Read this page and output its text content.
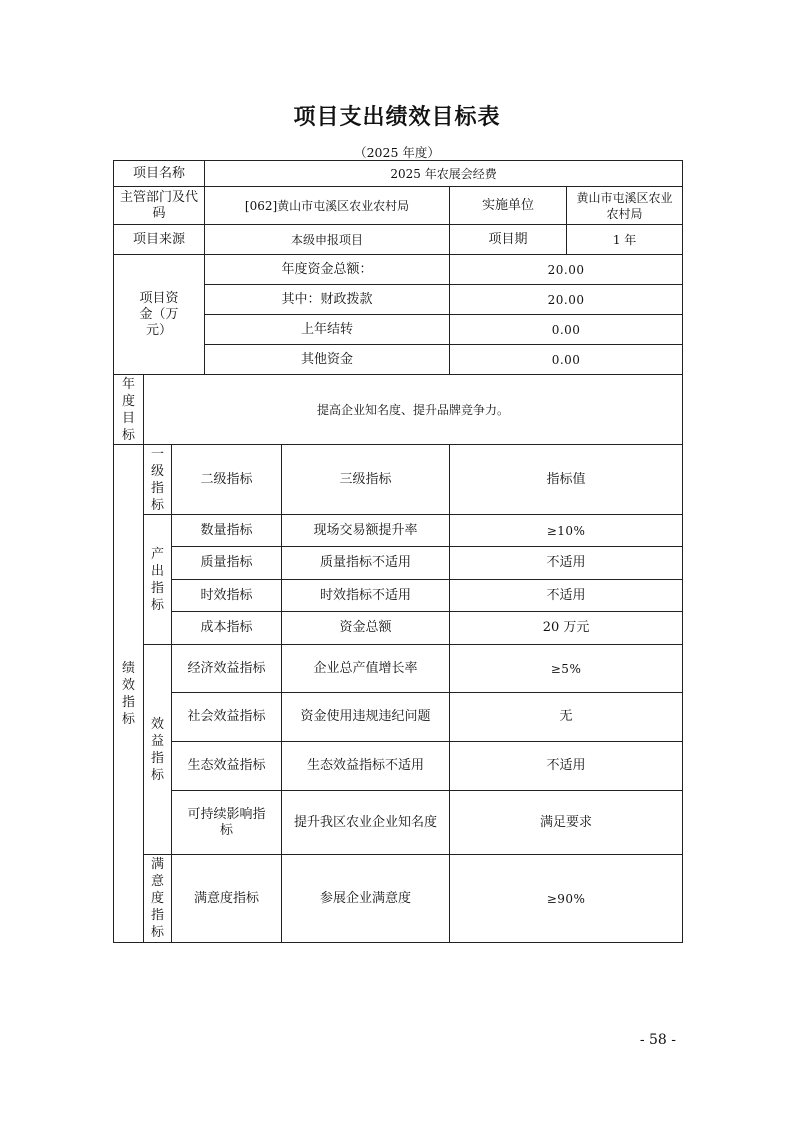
项目支出绩效目标表
（2025 年度）
项目名称			2025 年农展会经费			
主管部门及代码			[062]黄山市屯溪区农业农村局		实施单位	黄山市屯溪区农业农村局
项目来源			本级申报项目		项目期	1 年
项目资金（万元）			年度资金总额：		20.00	
			其中：财政拨款		20.00	
			上年结转		0.00	
			其他资金		0.00	

年度目标	提高企业知名度、提升品牌竞争力。					

绩效指标	一级指标	二级指标		三级指标	指标值	

	产出指标	数量指标		现场交易额提升率	≥10%	
		质量指标		质量指标不适用	不适用	
		时效指标		时效指标不适用	不适用	
		成本指标		资金总额	20 万元	

	效益指标	经济效益指标		企业总产值增长率	≥5%	
		社会效益指标		资金使用违规违纪问题	无	
		生态效益指标		生态效益指标不适用	不适用	
		可持续影响指标		提升我区农业企业知名度	满足要求	

	满意度指标	满意度指标		参展企业满意度	≥90%	
- 58 -
